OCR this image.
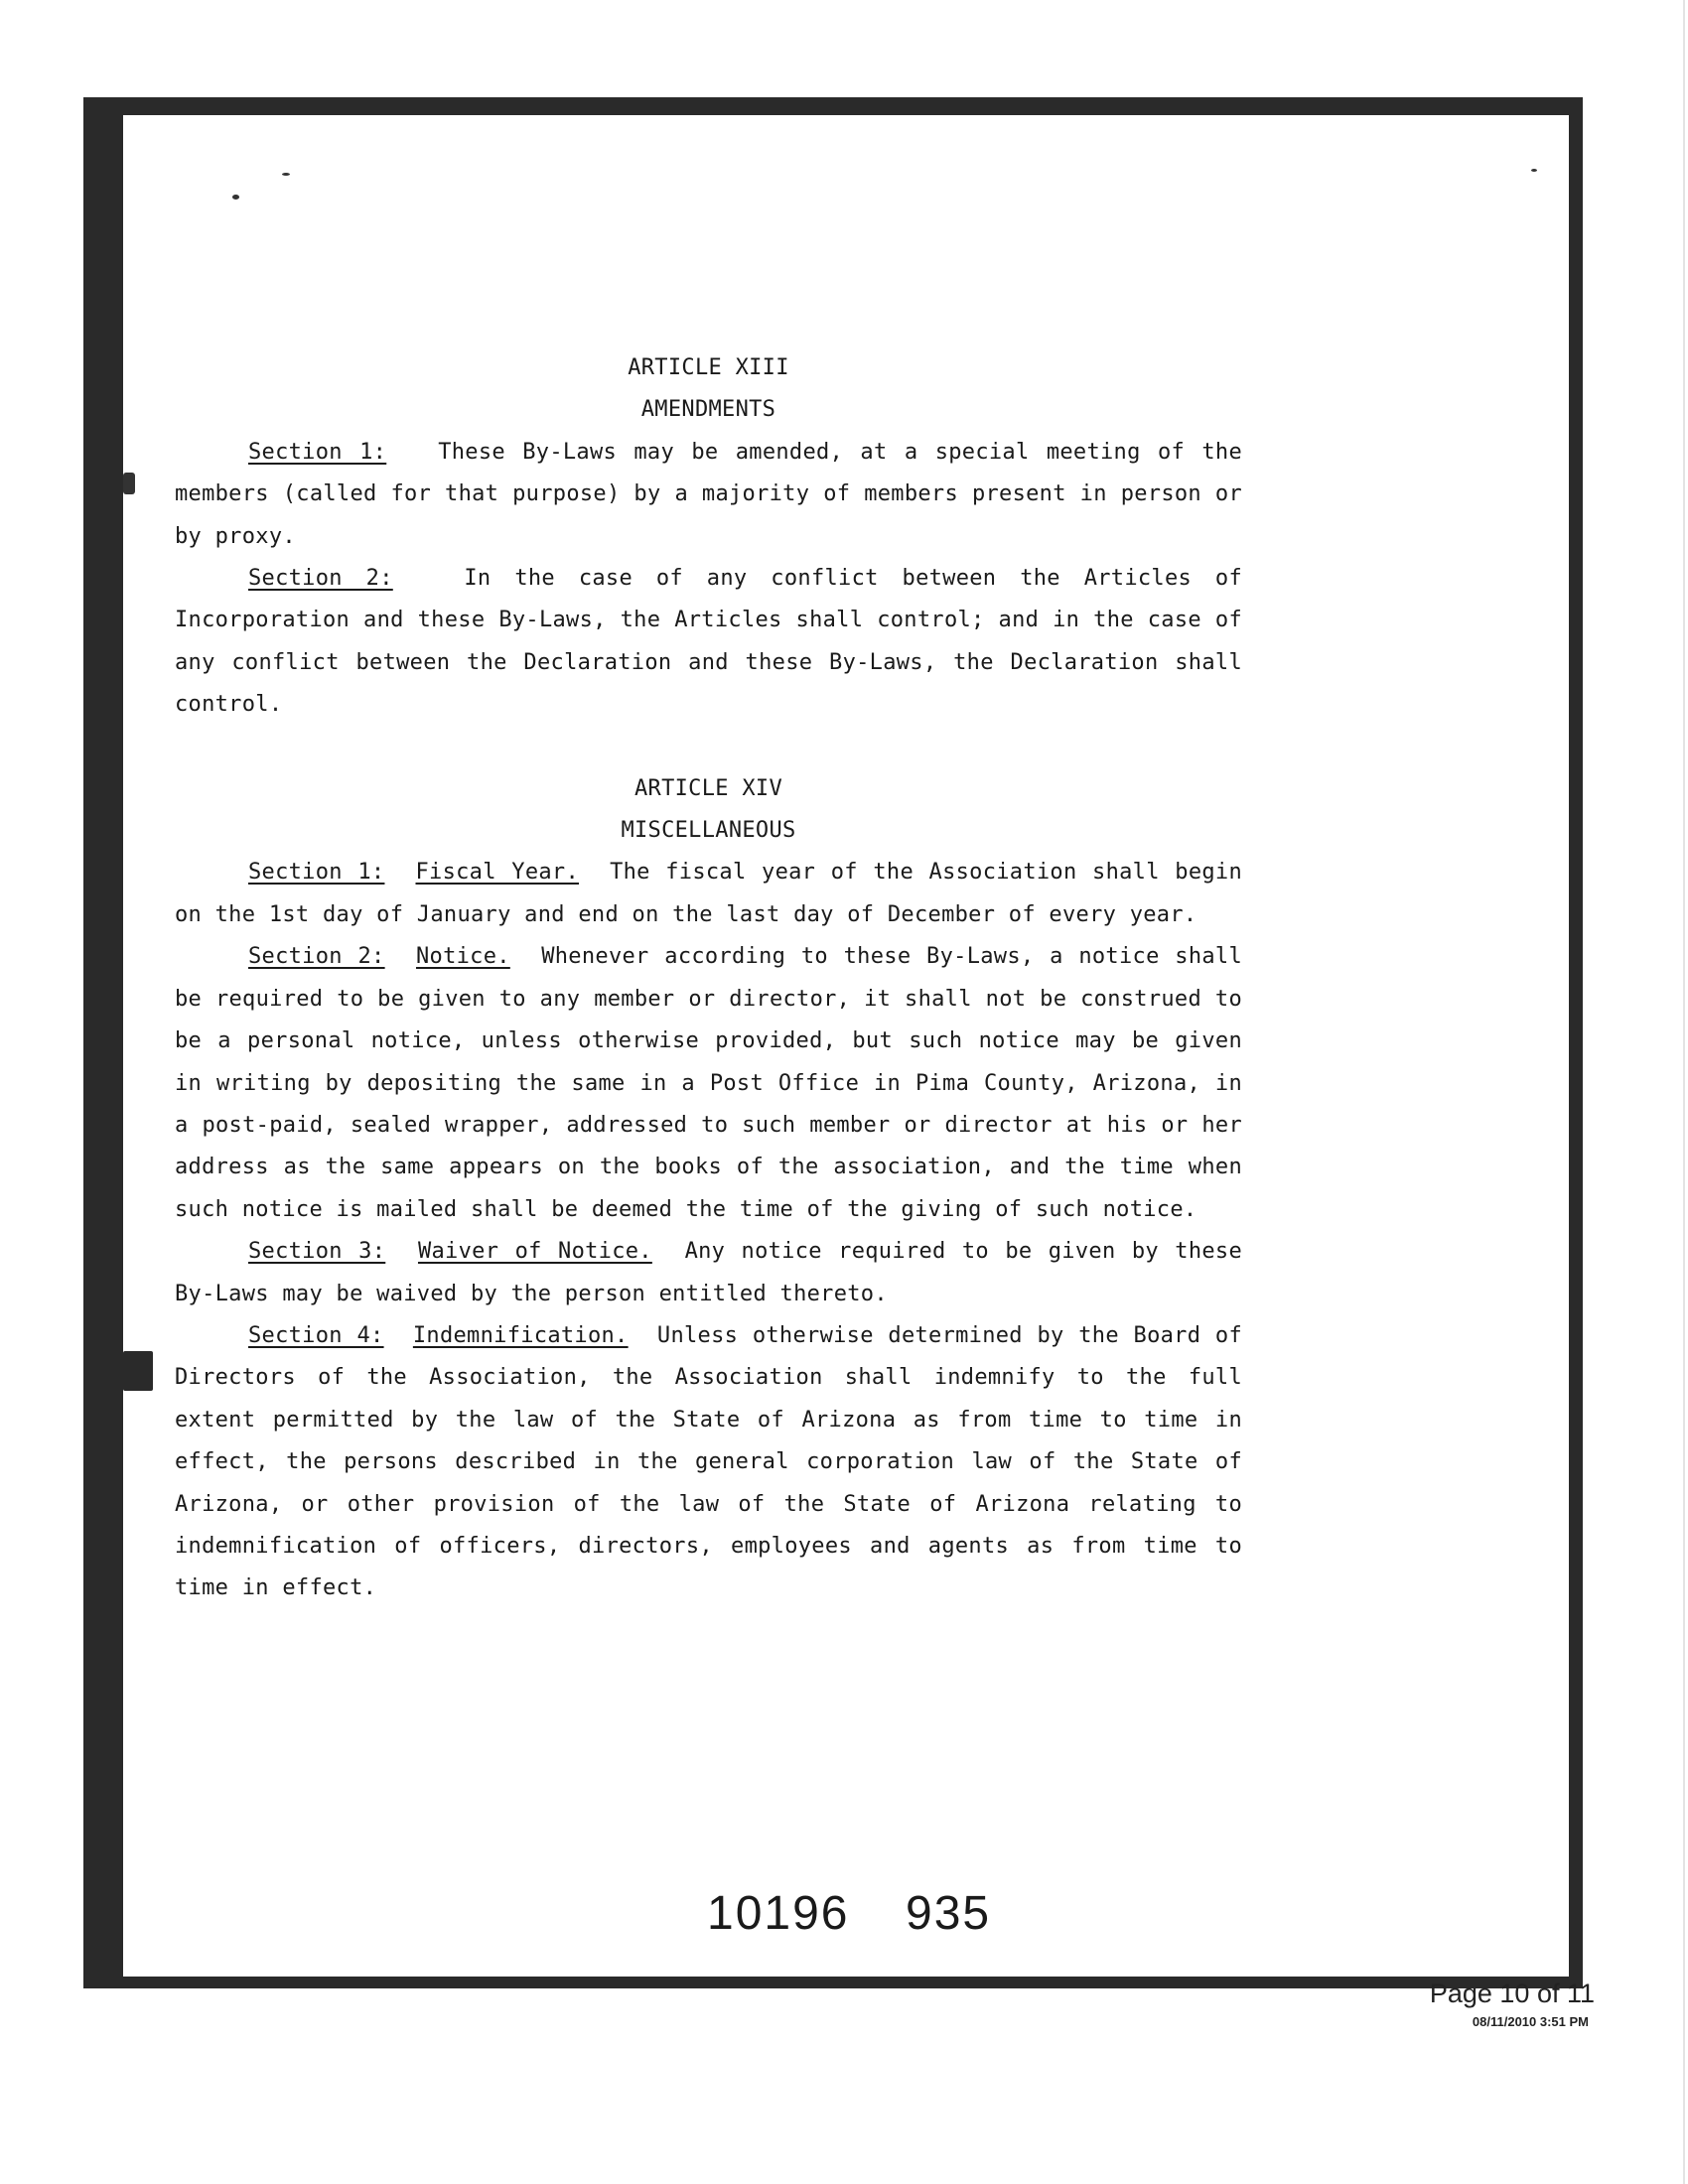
ARTICLE XIII

AMENDMENTS

Section 1: These By-Laws may be amended, at a special meeting of the members (called for that purpose) by a majority of members present in person or by proxy.

Section 2:	In the case of any conflict between the Articles of Incorporation and these By-Laws, the Articles shall control; and in the case of any conflict between the Declaration and these By-Laws, the Declaration shall control.

ARTICLE XIV

MISCELLANEOUS

Section 1: Fiscal Year. The fiscal year of the Association shall begin on the 1st day of January and end on the last day of December of every year.

Section 2: Notice. Whenever according to these By-Laws, a notice shall be required to be given to any member or director, it shall not be construed to be a personal notice, unless otherwise provided, but such notice may be given in writing by depositing the same in a Post Office in Pima County, Arizona, in a post-paid, sealed wrapper, addressed to such member or director at his or her address as the same appears on the books of the association, and the time when such notice is mailed shall be deemed the time of the giving of such notice.

Section 3: Waiver of Notice. Any notice required to be given by these By-Laws may be waived by the person entitled thereto.

Section 4: Indemnification. Unless otherwise determined by the Board of Directors of the Association, the Association shall indemnify to the full extent permitted by the law of the State of Arizona as from time to time in effect, the persons described in the general corporation law of the State of Arizona, or other provision of the law of the State of Arizona relating to indemnification of officers, directors, employees and agents as from time to time in effect.

10196 935

Page 10 of 11

08/11/2010 3:51 PM
